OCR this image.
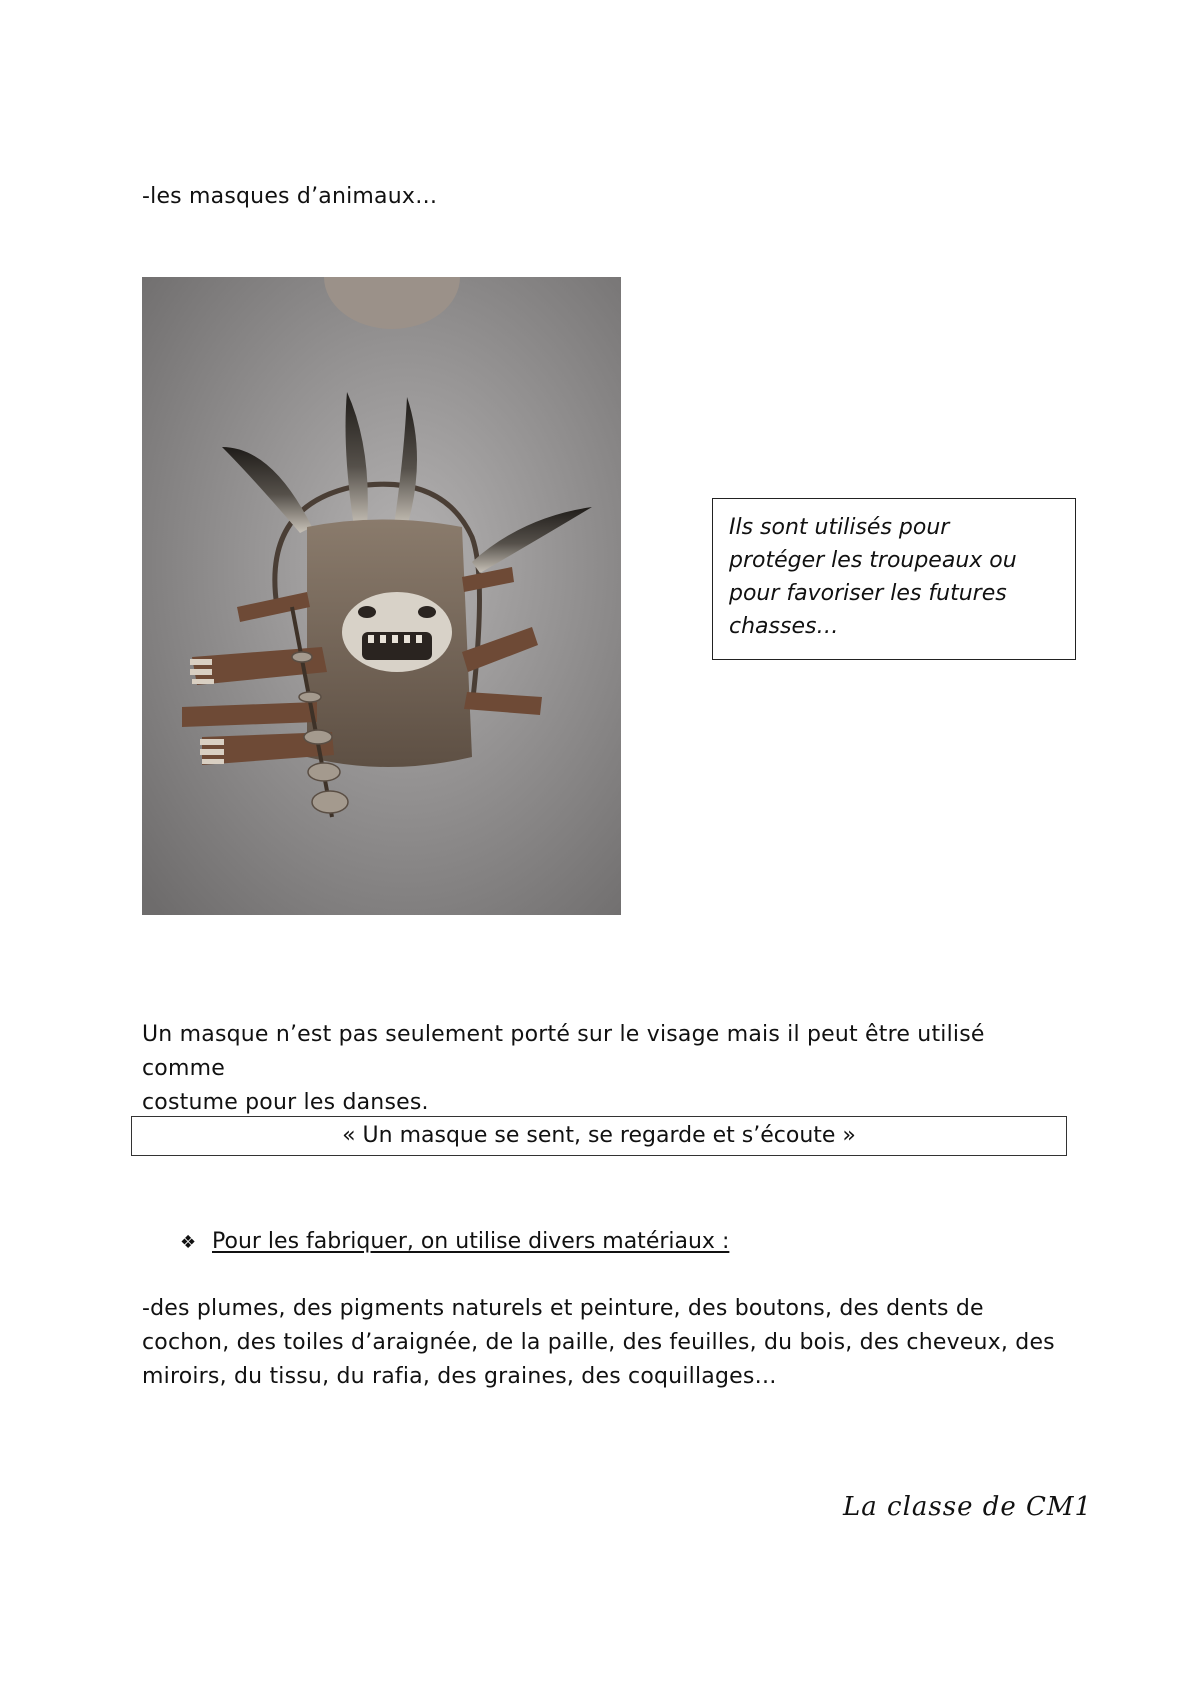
-les masques d’animaux…
Ils sont utilisés pour
protéger les troupeaux ou
pour favoriser les futures
chasses…
Un masque n’est pas seulement porté sur le visage mais il peut être utilisé comme
costume pour les danses.
« Un masque se sent, se regarde et s’écoute »
❖ Pour les fabriquer, on utilise divers matériaux :
-des plumes, des pigments naturels et peinture, des boutons, des dents de
cochon, des toiles d’araignée, de la paille, des feuilles, du bois, des cheveux, des
miroirs, du tissu, du rafia, des graines, des coquillages…
La classe de CM1
